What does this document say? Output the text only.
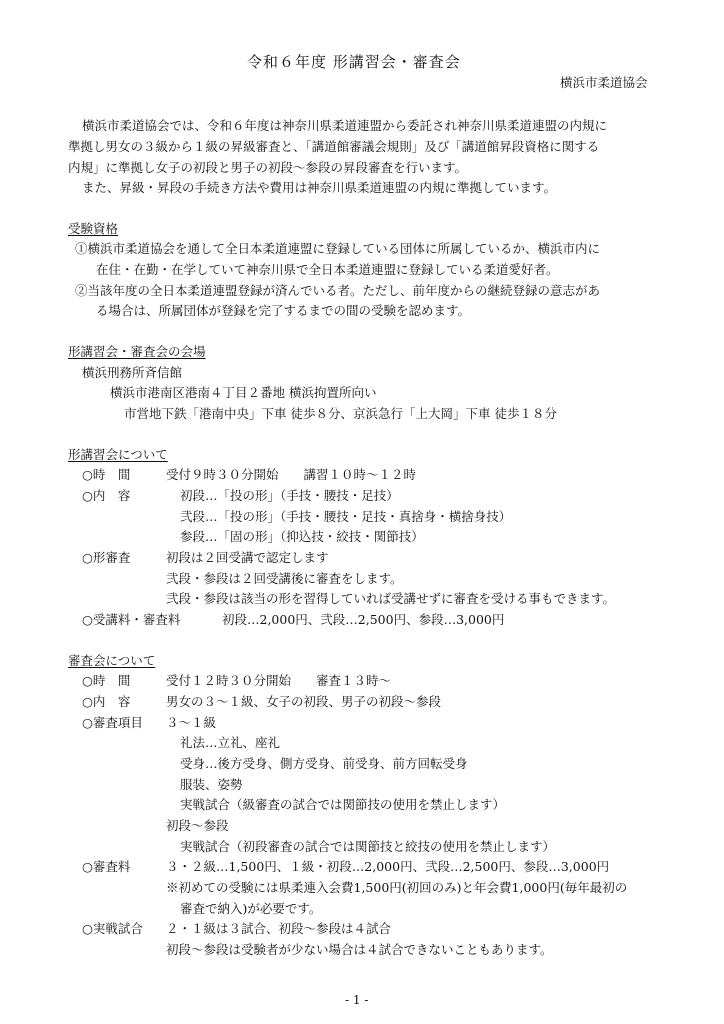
令和６年度 形講習会・審査会
横浜市柔道協会
横浜市柔道協会では、令和６年度は神奈川県柔道連盟から委託され神奈川県柔道連盟の内規に
準拠し男女の３級から１級の昇級審査と、「講道館審議会規則」及び「講道館昇段資格に関する
内規」に準拠し女子の初段と男子の初段〜参段の昇段審査を行います。
また、昇級・昇段の手続き方法や費用は神奈川県柔道連盟の内規に準拠しています。
受験資格
①横浜市柔道協会を通して全日本柔道連盟に登録している団体に所属しているか、横浜市内に
在住・在勤・在学していて神奈川県で全日本柔道連盟に登録している柔道愛好者。
②当該年度の全日本柔道連盟登録が済んでいる者。ただし、前年度からの継続登録の意志があ
る場合は、所属団体が登録を完了するまでの間の受験を認めます。
形講習会・審査会の会場
横浜刑務所斉信館
横浜市港南区港南４丁目２番地 横浜拘置所向い
市営地下鉄「港南中央」下車 徒歩８分、京浜急行「上大岡」下車 徒歩１８分
形講習会について
○時　間	受付９時３０分開始　　講習１０時〜１２時
○内　容	初段…「投の形」（手技・腰技・足技）
弐段…「投の形」（手技・腰技・足技・真捨身・横捨身技）
参段…「固の形」（抑込技・絞技・関節技）
○形審査	初段は２回受講で認定します
弐段・参段は２回受講後に審査をします。
弐段・参段は該当の形を習得していれば受講せずに審査を受ける事もできます。
○受講料・審査料	初段…2,000円、弐段…2,500円、参段…3,000円
審査会について
○時　間	受付１２時３０分開始　　審査１３時〜
○内　容	男女の３〜１級、女子の初段、男子の初段〜参段
○審査項目 ３〜１級
礼法…立礼、座礼
受身…後方受身、側方受身、前受身、前方回転受身
服装、姿勢
実戦試合（級審査の試合では関節技の使用を禁止します）
初段〜参段
実戦試合（初段審査の試合では関節技と絞技の使用を禁止します）
○審査料	３・２級…1,500円、１級・初段…2,000円、弐段…2,500円、参段…3,000円
※初めての受験には県柔連入会費1,500円(初回のみ)と年会費1,000円(毎年最初の
審査で納入)が必要です。
○実戦試合 ２・１級は３試合、初段〜参段は４試合
初段〜参段は受験者が少ない場合は４試合できないこともあります。
- 1 -
